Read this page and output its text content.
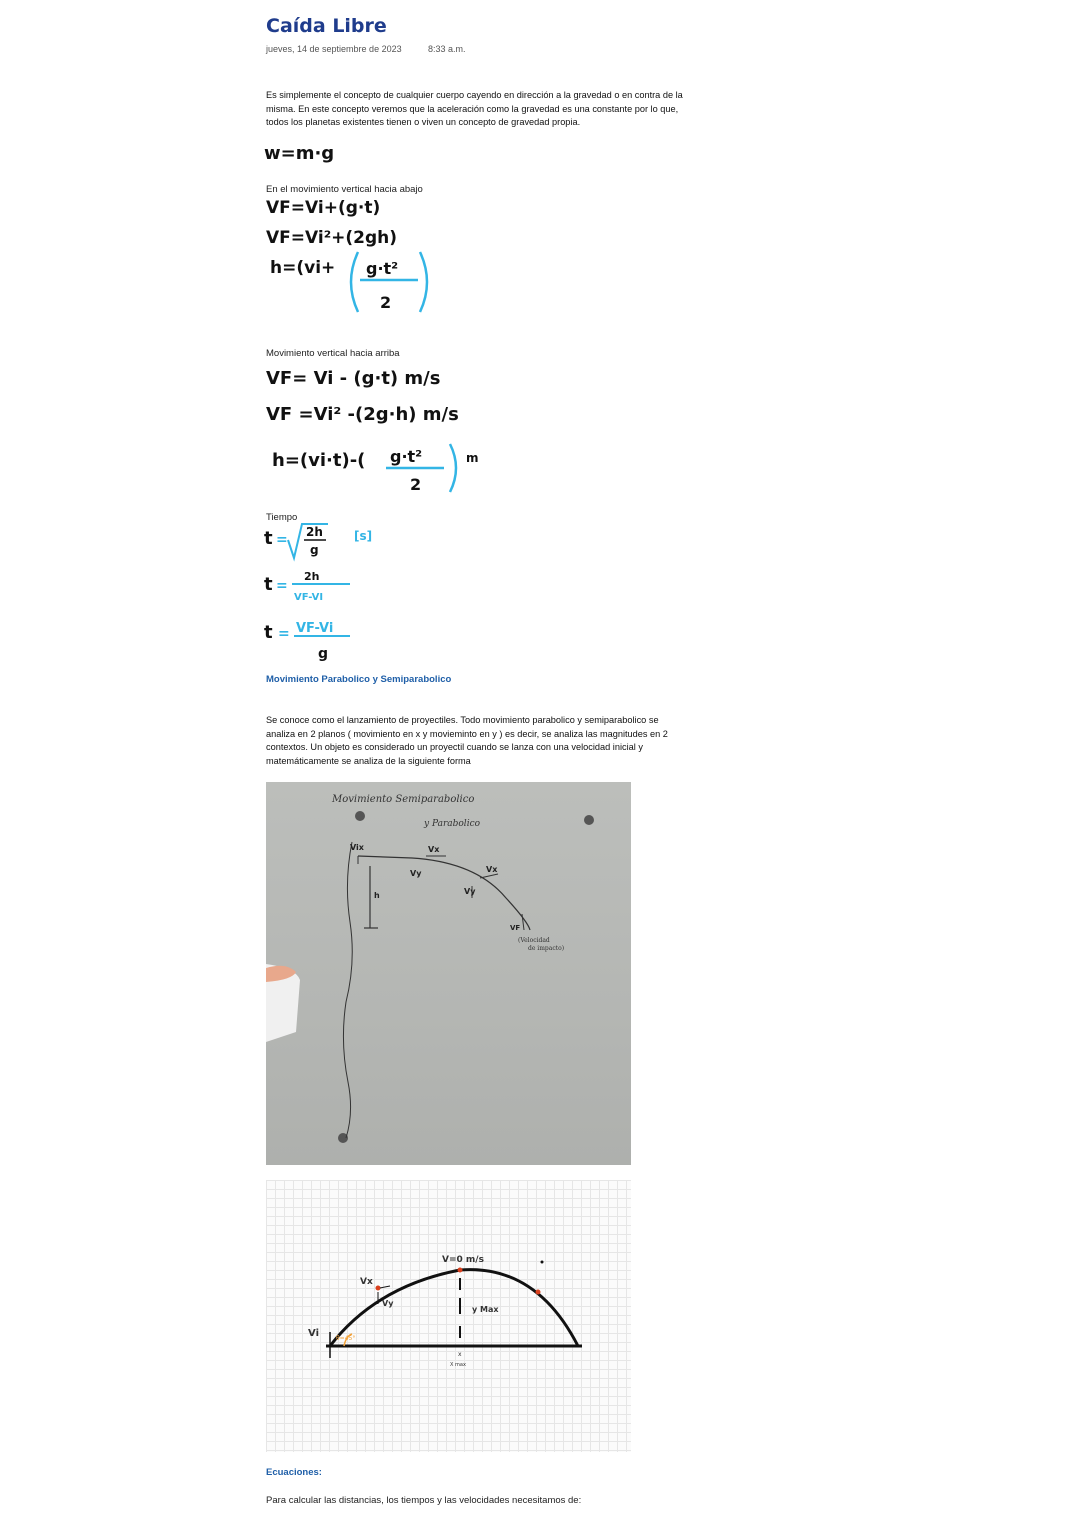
Caída Libre
jueves, 14 de septiembre de 2023	8:33 a.m.
Es simplemente el concepto de cualquier cuerpo cayendo en dirección a la gravedad o en contra de la misma. En este concepto veremos que la aceleración como la gravedad es una constante por lo que, todos los planetas existentes tienen o viven un concepto de gravedad propia.
w=m·g
En el movimiento vertical hacia abajo
VF=Vi+(g·t)
VF=Vi²+(2gh)
h=(vi+ g·t²
2
Movimiento vertical hacia arriba
VF= Vi - (g·t) m/s
VF =Vi² -(2g·h) m/s
h=(vi·t)-( g·t²
2
m
Tiempo
t = 2h
g
[s]
t =
2h
VF-VI
t = VF-Vi
g
Movimiento Parabolico y Semiparabolico
Se conoce como el lanzamiento de proyectiles. Todo movimiento parabolico y semiparabolico se analiza en 2 planos ( movimiento en x y movieminto en y ) es decir, se analiza las magnitudes en 2 contextos. Un objeto es considerado un proyectil cuando se lanza con una velocidad inicial y matemáticamente se analiza de la siguiente forma
Movimiento Semiparabolico
y Parabolico
Vix	Vx
Vx
Vy
Vy
h
VF
(Velocidad
de impacto)
Vi	θ=45°
Vx
Vy
V=0 m/s
y Max
x
X max
Ecuaciones:
Para calcular las distancias, los tiempos y las velocidades necesitamos de:
